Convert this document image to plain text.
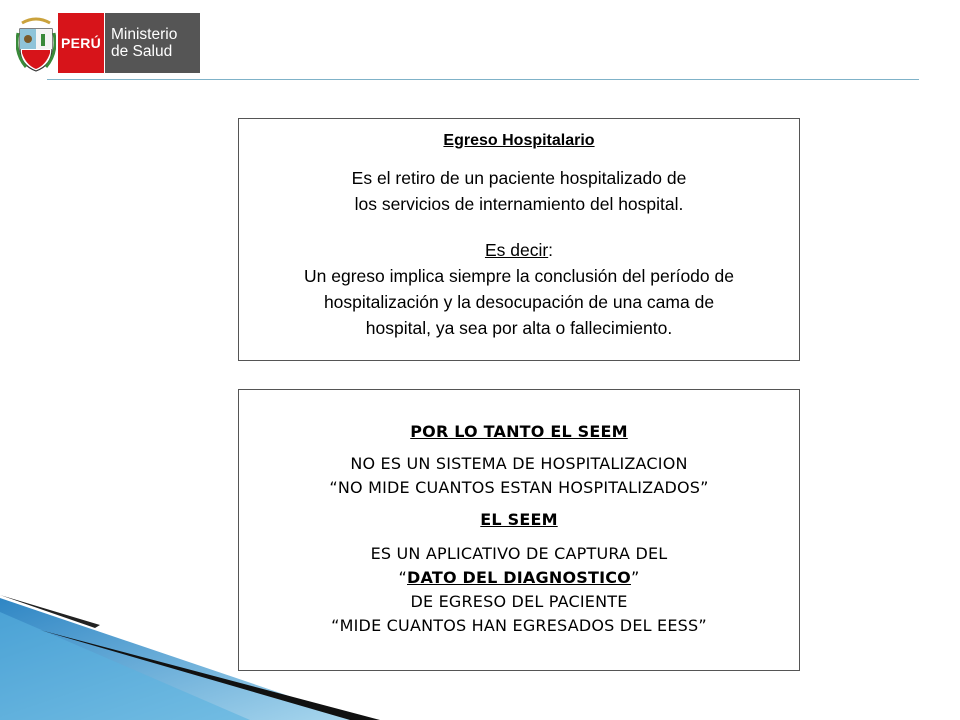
PERÚ Ministerio
de Salud
Egreso Hospitalario

Es el retiro de un paciente hospitalizado de

los servicios de internamiento del hospital.

Es decir:

Un egreso implica siempre la conclusión del período de

hospitalización y la desocupación de una cama de

hospital, ya sea por alta o fallecimiento.

POR LO TANTO EL SEEM

NO ES UN SISTEMA DE HOSPITALIZACION

“NO MIDE CUANTOS ESTAN HOSPITALIZADOS”

EL SEEM

ES UN APLICATIVO DE CAPTURA DEL

“DATO DEL DIAGNOSTICO”

DE EGRESO DEL PACIENTE

“MIDE CUANTOS HAN EGRESADOS DEL EESS”
